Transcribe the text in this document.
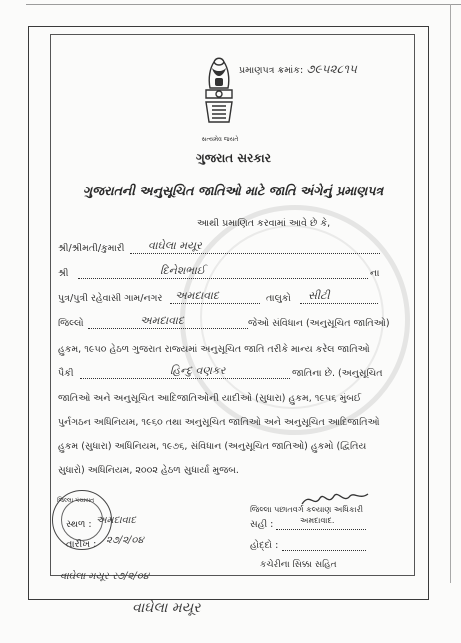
પ્રમાણપત્ર ક્રમાંક: ૭૯૫૨૮૧૫
સત્યમેવ જયતે
ગુજરાત સરકાર
ગુજરાતની અનુસૂચિત જાતિઓ માટે જાતિ અંગેનું પ્રમાણપત્ર
આથી પ્રમાણિત કરવામાં આવે છે કે,
શ્રી/શ્રીમતી/કુમારી વાઘેલા મયૂર
શ્રી	દિનેશભાઈ	ના
પુત્ર/પુત્રી રહેવાસી ગામ/નગર અમદાવાદ	તાલુકો સીટી
જિલ્લો	અમદાવાદ	જેઓ સંવિધાન (અનુસૂચિત જાતિઓ)
હુકમ, ૧૯૫૦ હેઠળ ગુજરાત રાજ્યમાં અનુસૂચિત જાતિ તરીકે માન્ય કરેલ જાતિઓ
પૈકી	હિન્દુ વણકર	જાતિના છે. (અનુસૂચિત
જાતિઓ અને અનુસૂચિત આદિજાતિઓની યાદીઓ (સુધારા) હુકમ, ૧૯૫૬ મુંબઈ
પુર્નગઠન અધિનિયમ, ૧૯૬૦ તથા અનુસૂચિત જાતિઓ અને અનુસૂચિત આદિજાતિઓ
હુકમ (સુધારા) અધિનિયમ, ૧૯૭૬, સંવિધાન (અનુસૂચિત જાતિઓ) હુકમો (દ્વિતિય
સુધારો) અધિનિયમ, ૨૦૦૨ હેઠળ સુધાર્યા મુજબ.
જિલ્લા પંચાયત
સ્થળ : અમદાવાદ
તારીખ : ૨૭/૨/૦૪
જિલ્લા પછાતવર્ગ કલ્યાણ અધિકારી
સહી :	અમદાવાદ.
હોદ્દો :
કચેરીના સિક્કા સહિત
વાઘેલા મયૂર ર૭/૨/૦૪
વાઘેલા મયૂર
